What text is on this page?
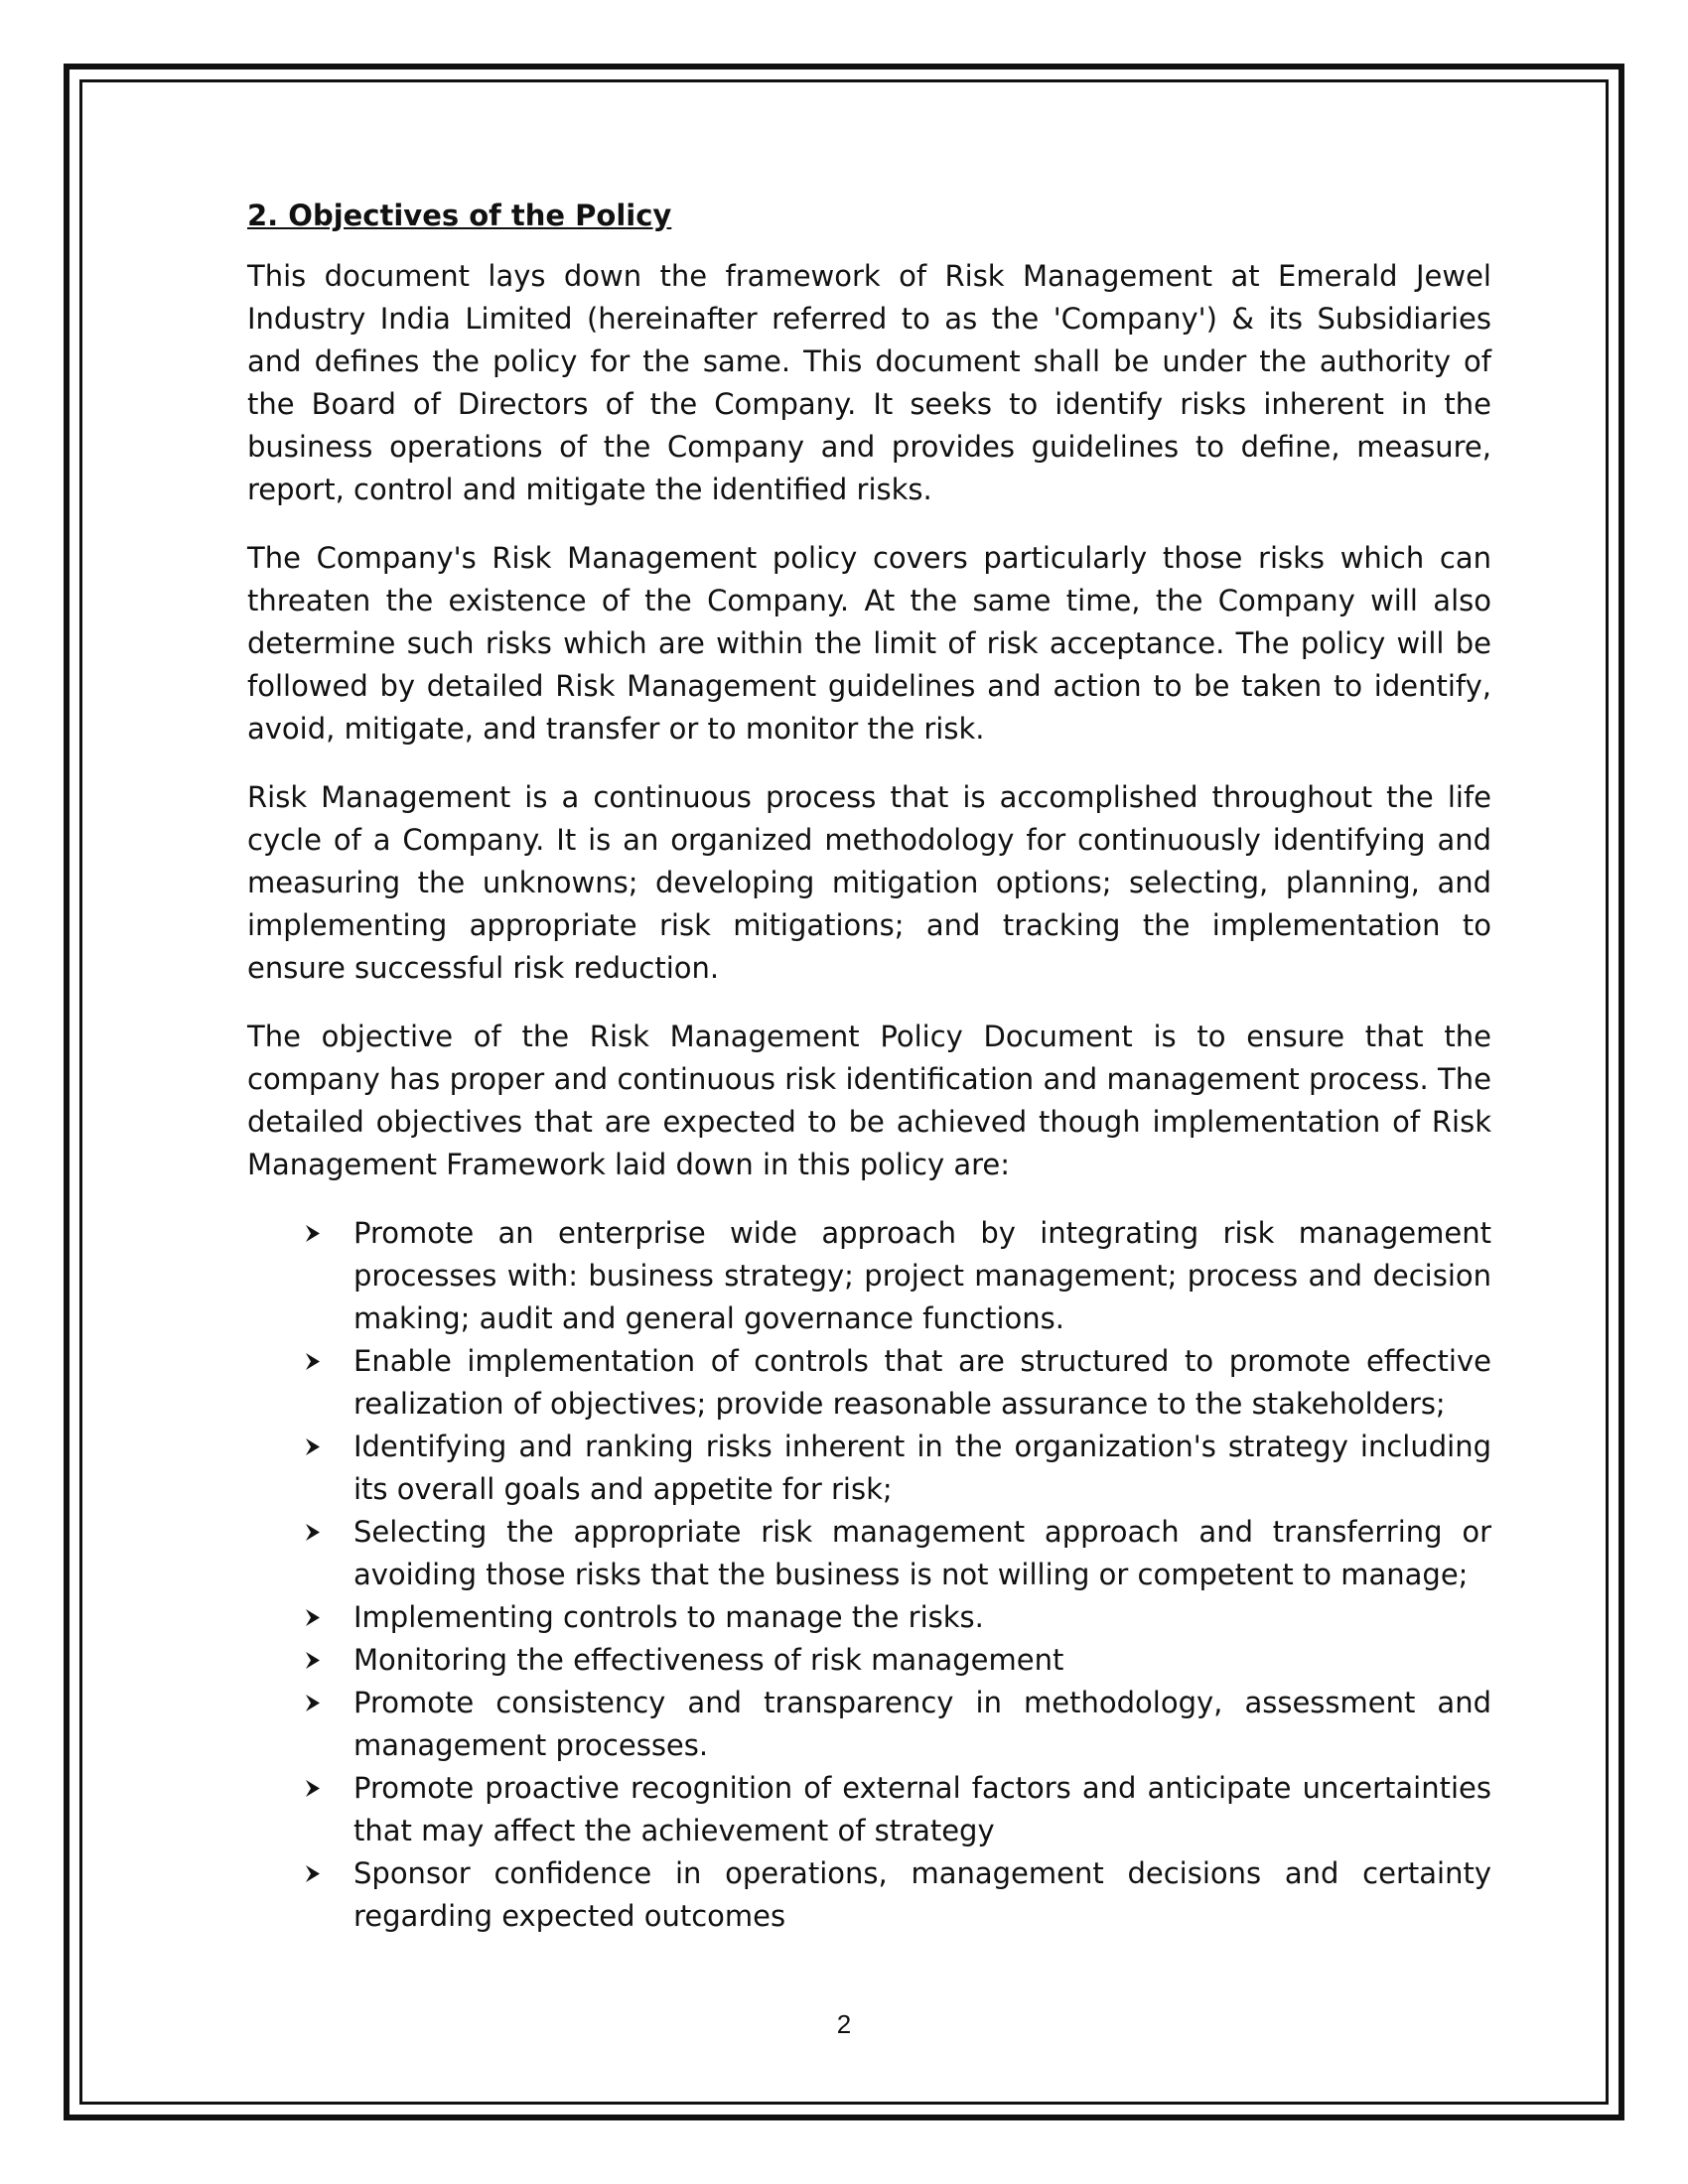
2. Objectives of the Policy

This document lays down the framework of Risk Management at Emerald Jewel Industry India Limited (hereinafter referred to as the 'Company') & its Subsidiaries and defines the policy for the same. This document shall be under the authority of the Board of Directors of the Company. It seeks to identify risks inherent in the business operations of the Company and provides guidelines to define, measure, report, control and mitigate the identified risks.

The Company's Risk Management policy covers particularly those risks which can threaten the existence of the Company. At the same time, the Company will also determine such risks which are within the limit of risk acceptance. The policy will be followed by detailed Risk Management guidelines and action to be taken to identify, avoid, mitigate, and transfer or to monitor the risk.

Risk Management is a continuous process that is accomplished throughout the life cycle of a Company. It is an organized methodology for continuously identifying and measuring the unknowns; developing mitigation options; selecting, planning, and implementing appropriate risk mitigations; and tracking the implementation to ensure successful risk reduction.

The objective of the Risk Management Policy Document is to ensure that the company has proper and continuous risk identification and management process. The detailed objectives that are expected to be achieved though implementation of Risk Management Framework laid down in this policy are:

Promote an enterprise wide approach by integrating risk management processes with: business strategy; project management; process and decision making; audit and general governance functions.
Enable implementation of controls that are structured to promote effective realization of objectives; provide reasonable assurance to the stakeholders;
Identifying and ranking risks inherent in the organization's strategy including its overall goals and appetite for risk;
Selecting the appropriate risk management approach and transferring or avoiding those risks that the business is not willing or competent to manage;
Implementing controls to manage the risks.
Monitoring the effectiveness of risk management
Promote consistency and transparency in methodology, assessment and management processes.
Promote proactive recognition of external factors and anticipate uncertainties that may affect the achievement of strategy
Sponsor confidence in operations, management decisions and certainty regarding expected outcomes
2
